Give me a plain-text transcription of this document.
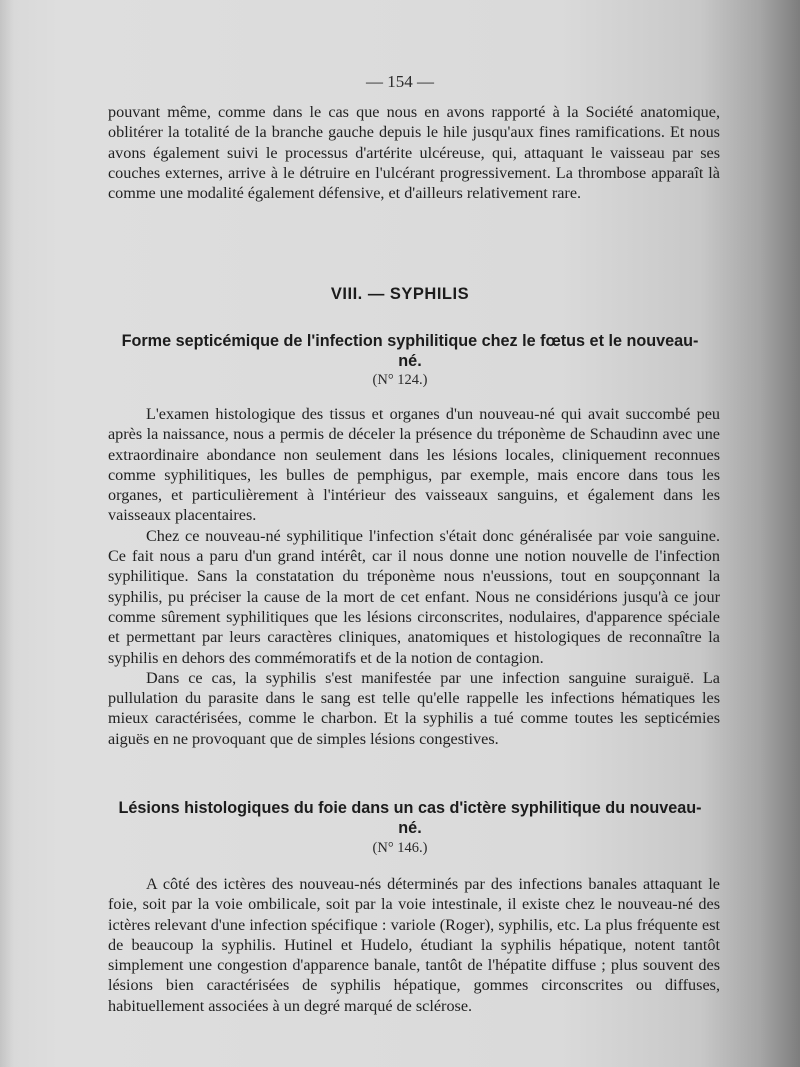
— 154 —

pouvant même, comme dans le cas que nous en avons rapporté à la Société anatomique, oblitérer la totalité de la branche gauche depuis le hile jusqu'aux fines ramifications. Et nous avons également suivi le processus d'artérite ulcéreuse, qui, attaquant le vaisseau par ses couches externes, arrive à le détruire en l'ulcérant progressivement. La thrombose apparaît là comme une modalité également défensive, et d'ailleurs relativement rare.

VIII. — SYPHILIS
Forme septicémique de l'infection syphilitique chez le fœtus et le nouveau-né.
(N° 124.)

L'examen histologique des tissus et organes d'un nouveau-né qui avait succombé peu après la naissance, nous a permis de déceler la présence du tréponème de Schaudinn avec une extraordinaire abondance non seulement dans les lésions locales, cliniquement reconnues comme syphilitiques, les bulles de pemphigus, par exemple, mais encore dans tous les organes, et particulièrement à l'intérieur des vaisseaux sanguins, et également dans les vaisseaux placentaires.

Chez ce nouveau-né syphilitique l'infection s'était donc généralisée par voie sanguine. Ce fait nous a paru d'un grand intérêt, car il nous donne une notion nouvelle de l'infection syphilitique. Sans la constatation du tréponème nous n'eussions, tout en soupçonnant la syphilis, pu préciser la cause de la mort de cet enfant. Nous ne considérions jusqu'à ce jour comme sûrement syphilitiques que les lésions circonscrites, nodulaires, d'apparence spéciale et permettant par leurs caractères cliniques, anatomiques et histologiques de reconnaître la syphilis en dehors des commémoratifs et de la notion de contagion.

Dans ce cas, la syphilis s'est manifestée par une infection sanguine suraiguë. La pullulation du parasite dans le sang est telle qu'elle rappelle les infections hématiques les mieux caractérisées, comme le charbon. Et la syphilis a tué comme toutes les septicémies aiguës en ne provoquant que de simples lésions congestives.

Lésions histologiques du foie dans un cas d'ictère syphilitique du nouveau-né.
(N° 146.)

A côté des ictères des nouveau-nés déterminés par des infections banales attaquant le foie, soit par la voie ombilicale, soit par la voie intestinale, il existe chez le nouveau-né des ictères relevant d'une infection spécifique : variole (Roger), syphilis, etc. La plus fréquente est de beaucoup la syphilis. Hutinel et Hudelo, étudiant la syphilis hépatique, notent tantôt simplement une congestion d'apparence banale, tantôt de l'hépatite diffuse ; plus souvent des lésions bien caractérisées de syphilis hépatique, gommes circonscrites ou diffuses, habituellement associées à un degré marqué de sclérose.
